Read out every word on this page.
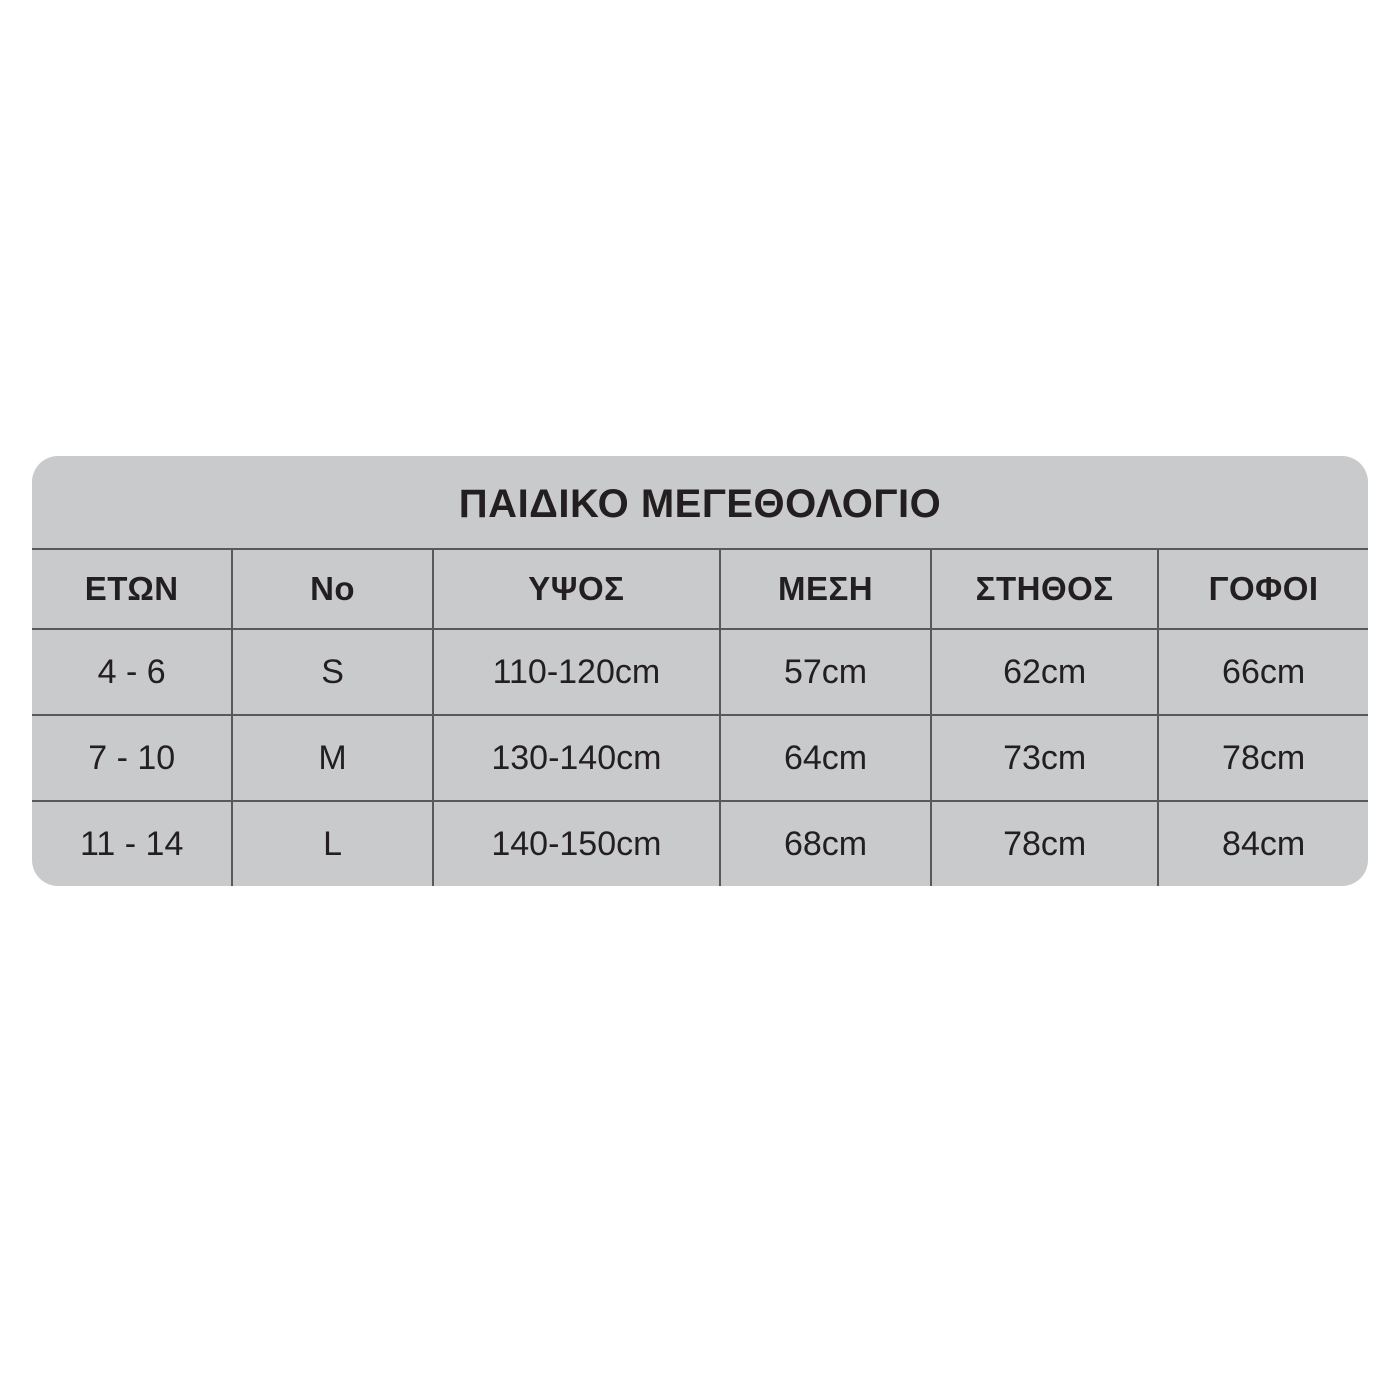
ΠΑΙΔΙΚΟ ΜΕΓΕΘΟΛΟΓΙΟ
ΕΤΩΝ	No	ΥΨΟΣ	ΜΕΣΗ	ΣΤΗΘΟΣ	ΓΟΦΟΙ
4 - 6	S	110-120cm	57cm	62cm	66cm
7 - 10	M	130-140cm	64cm	73cm	78cm
11 - 14	L	140-150cm	68cm	78cm	84cm
